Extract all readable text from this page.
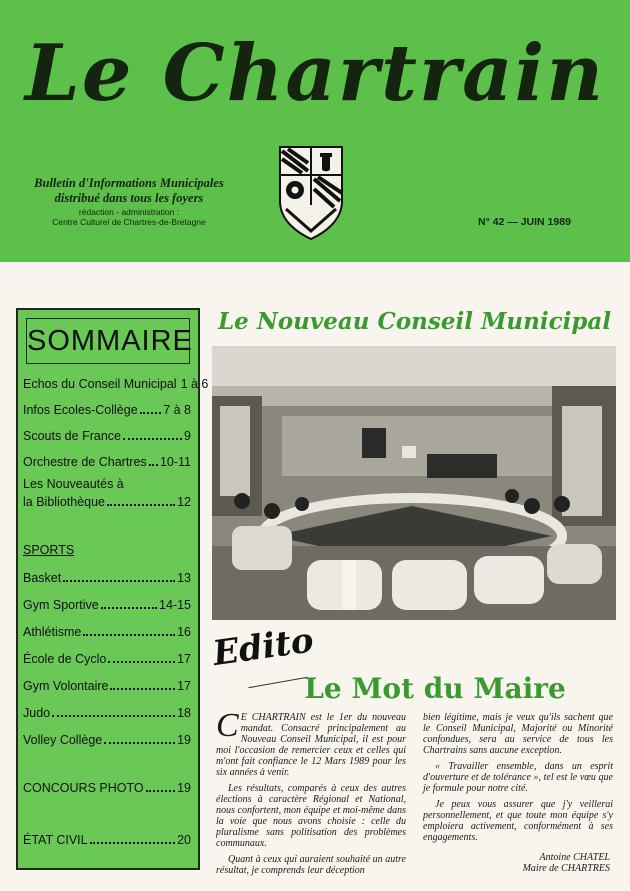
Le Chartrain
Bulletin d'Informations Municipales
distribué dans tous les foyers
rédaction - administration :
Centre Culturel de Chartres-de-Bretagne	N° 42 — JUIN 1989
SOMMAIRE
Echos du Conseil Municipal 1 à 6
Infos Ecoles-Collège 7 à 8
Scouts de France	9
Orchestre de Chartres 10-11
Les Nouveautés à
la Bibliothèque	12
SPORTS
Basket	13
Gym Sportive	14-15
Athlétisme	16
École de Cyclo	17
Gym Volontaire	17
Judo	18
Volley Collège	19
CONCOURS PHOTO	19
ÉTAT CIVIL	20
Le Nouveau Conseil Municipal
Edito
Le Mot du Maire

C E CHARTRAIN est le 1er du nouveau mandat. Consacré principalement au Nouveau Conseil Municipal, il est pour moi l'occasion de remercier ceux et celles qui m'ont fait confiance le 12 Mars 1989 pour les six années à venir.

Les résultats, comparés à ceux des autres élections à caractère Régional et National, nous confortent, mon équipe et moi-même dans la voie que nous avons choisie : celle du pluralisme sans politisation des problèmes communaux.

Quant à ceux qui auraient souhaité un autre résultat, je comprends leur déception

bien légitime, mais je veux qu'ils sachent que le Conseil Municipal, Majorité ou Minorité confondues, sera au service de tous les Chartrains sans aucune exception.

« Travailler ensemble, dans un esprit d'ouverture et de tolérance », tel est le vœu que je formule pour notre cité.

Je peux vous assurer que j'y veillerai personnellement, et que toute mon équipe s'y emploiera activement, conformément à ses engagements.

Antoine CHATEL
Maire de CHARTRES
